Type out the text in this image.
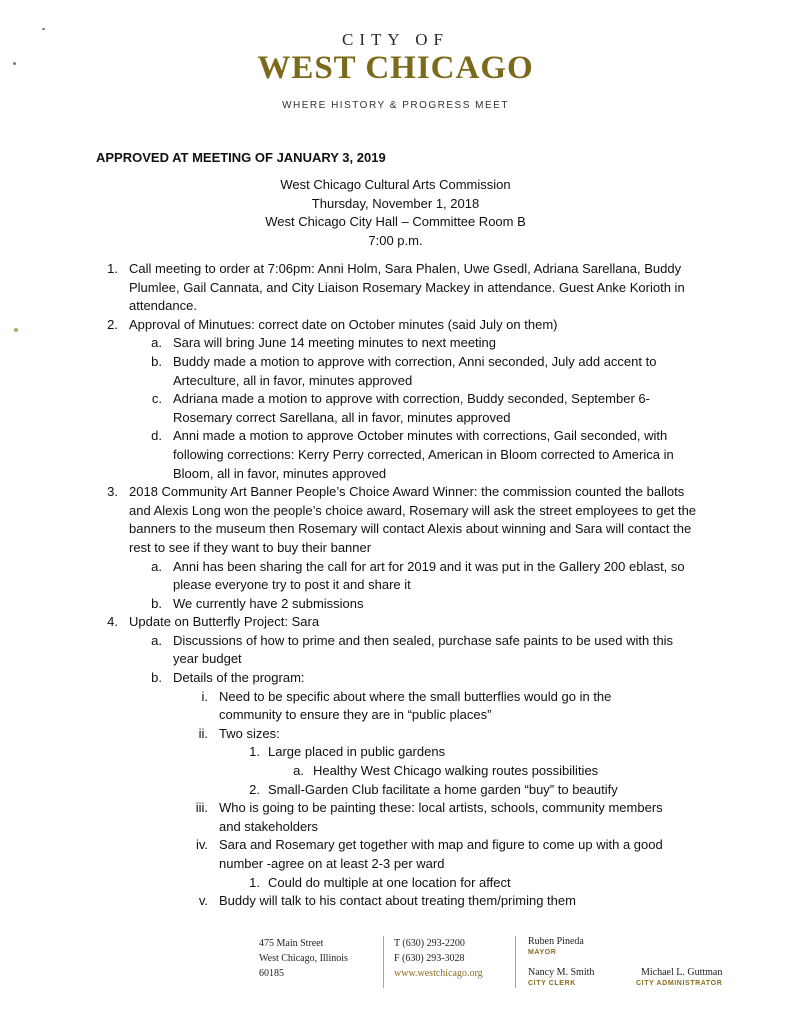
CITY OF
WEST CHICAGO
WHERE HISTORY & PROGRESS MEET
APPROVED AT MEETING OF JANUARY 3, 2019
West Chicago Cultural Arts Commission
Thursday, November 1, 2018
West Chicago City Hall – Committee Room B
7:00 p.m.
1. Call meeting to order at 7:06pm: Anni Holm, Sara Phalen, Uwe Gsedl, Adriana Sarellana, Buddy Plumlee, Gail Cannata, and City Liaison Rosemary Mackey in attendance. Guest Anke Korioth in attendance.
2. Approval of Minutues: correct date on October minutes (said July on them)
a. Sara will bring June 14 meeting minutes to next meeting
b. Buddy made a motion to approve with correction, Anni seconded, July add accent to Arteculture, all in favor, minutes approved
c. Adriana made a motion to approve with correction, Buddy seconded, September 6- Rosemary correct Sarellana, all in favor, minutes approved
d. Anni made a motion to approve October minutes with corrections, Gail seconded, with following corrections: Kerry Perry corrected, American in Bloom corrected to America in Bloom, all in favor, minutes approved
3. 2018 Community Art Banner People’s Choice Award Winner: the commission counted the ballots and Alexis Long won the people’s choice award, Rosemary will ask the street employees to get the banners to the museum then Rosemary will contact Alexis about winning and Sara will contact the rest to see if they want to buy their banner
a. Anni has been sharing the call for art for 2019 and it was put in the Gallery 200 eblast, so please everyone try to post it and share it
b. We currently have 2 submissions
4. Update on Butterfly Project: Sara
a. Discussions of how to prime and then sealed, purchase safe paints to be used with this year budget
b. Details of the program:
i. Need to be specific about where the small butterflies would go in the community to ensure they are in “public places”
ii. Two sizes:
1. Large placed in public gardens
a. Healthy West Chicago walking routes possibilities
2. Small-Garden Club facilitate a home garden “buy” to beautify
iii. Who is going to be painting these: local artists, schools, community members and stakeholders
iv. Sara and Rosemary get together with map and figure to come up with a good number -agree on at least 2-3 per ward
1. Could do multiple at one location for affect
v. Buddy will talk to his contact about treating them/priming them
475 Main Street
West Chicago, Illinois
60185
T (630) 293-2200
F (630) 293-3028
www.westchicago.org
Ruben Pineda
MAYOR
Nancy M. Smith
CITY CLERK
Michael L. Guttman
CITY ADMINISTRATOR
